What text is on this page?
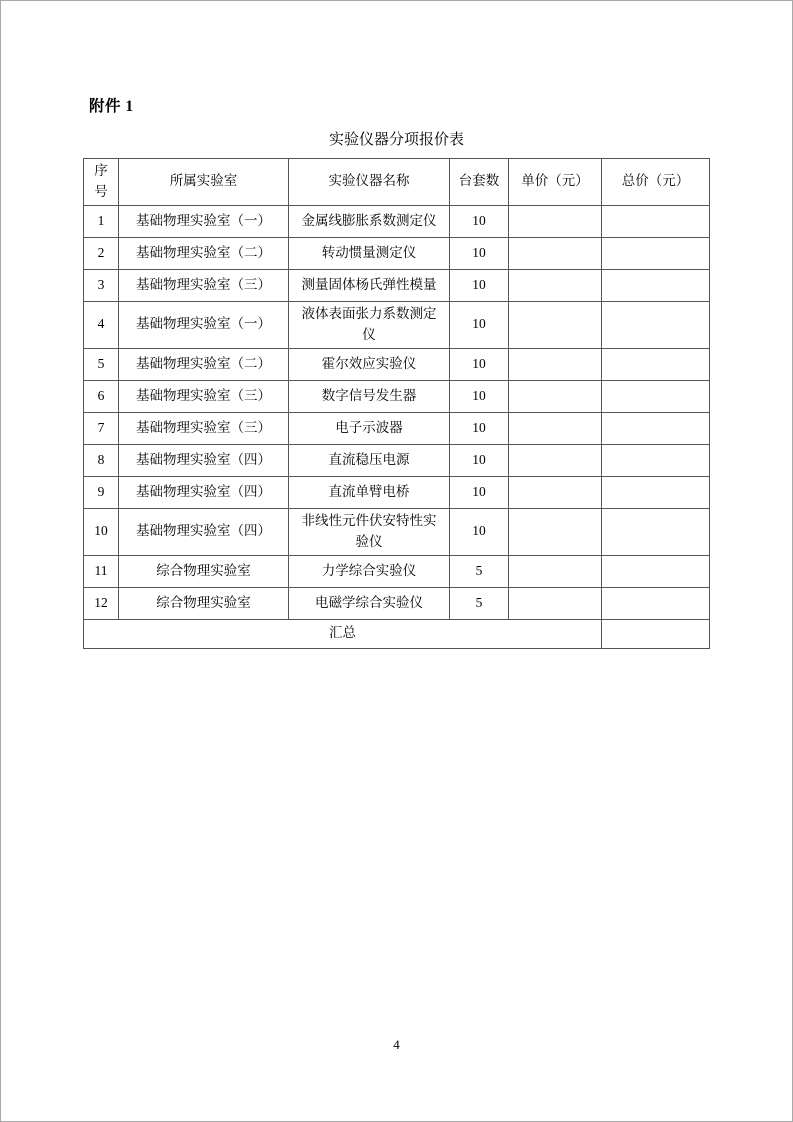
附件 1
实验仪器分项报价表
序号	所属实验室	实验仪器名称	台套数	单价（元）	总价（元）
1	基础物理实验室（一）	金属线膨胀系数测定仪	10		
2	基础物理实验室（二）	转动惯量测定仪	10		
3	基础物理实验室（三）	测量固体杨氏弹性模量	10		
4	基础物理实验室（一）	液体表面张力系数测定仪	10		
5	基础物理实验室（二）	霍尔效应实验仪	10		
6	基础物理实验室（三）	数字信号发生器	10		
7	基础物理实验室（三）	电子示波器	10		
8	基础物理实验室（四）	直流稳压电源	10		
9	基础物理实验室（四）	直流单臂电桥	10		
10	基础物理实验室（四）	非线性元件伏安特性实验仪	10		
11	综合物理实验室	力学综合实验仪	5		
12	综合物理实验室	电磁学综合实验仪	5		
汇总					
4
